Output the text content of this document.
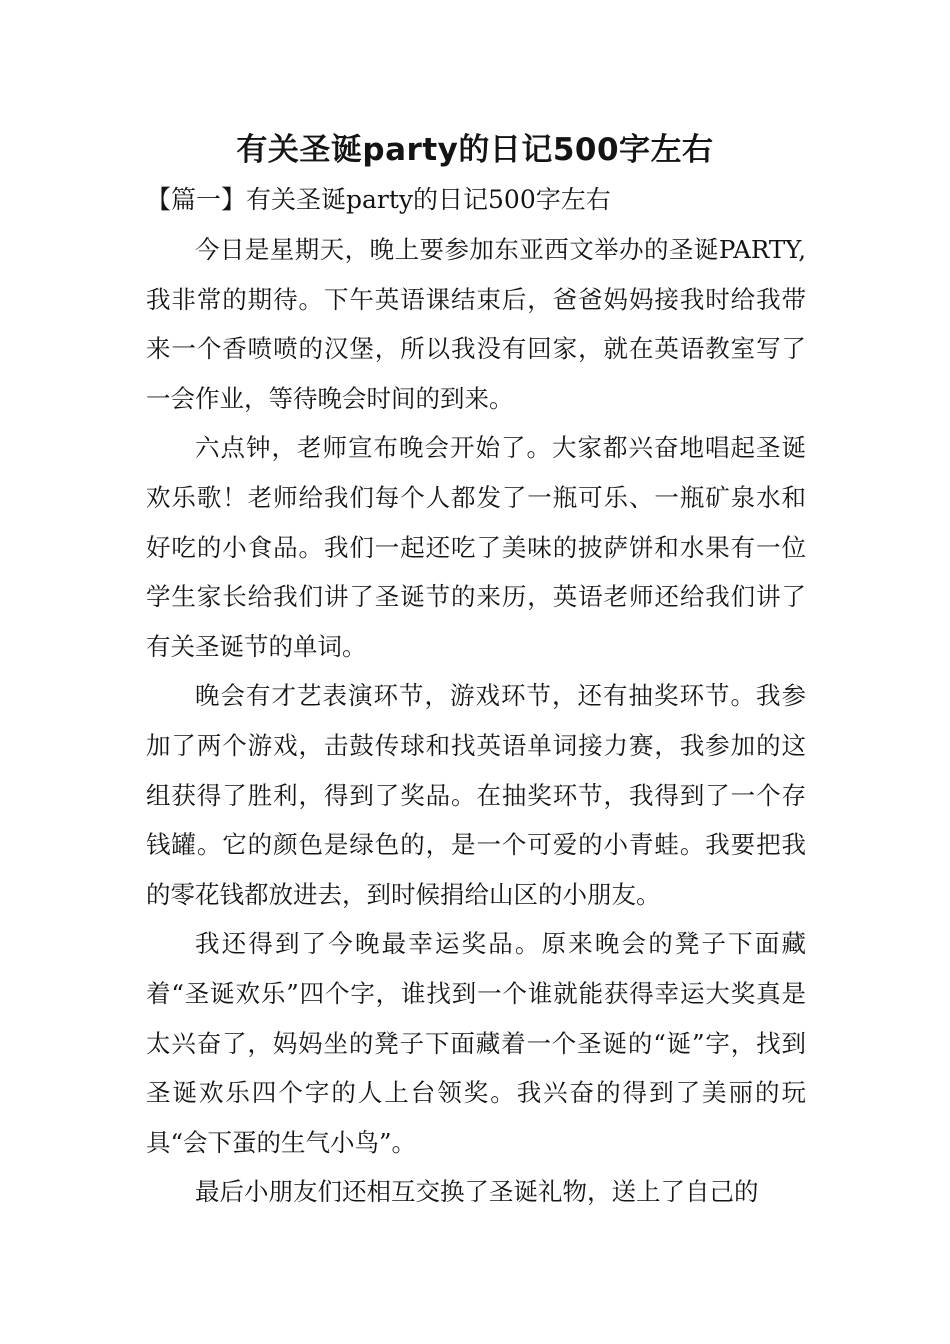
有关圣诞party的日记500字左右
【篇一】有关圣诞party的日记500字左右

今日是星期天，晚上要参加东亚西文举办的圣诞PARTY,我非常的期待。下午英语课结束后，爸爸妈妈接我时给我带来一个香喷喷的汉堡，所以我没有回家，就在英语教室写了一会作业，等待晚会时间的到来。

六点钟，老师宣布晚会开始了。大家都兴奋地唱起圣诞欢乐歌！老师给我们每个人都发了一瓶可乐、一瓶矿泉水和好吃的小食品。我们一起还吃了美味的披萨饼和水果有一位学生家长给我们讲了圣诞节的来历，英语老师还给我们讲了有关圣诞节的单词。

晚会有才艺表演环节，游戏环节，还有抽奖环节。我参加了两个游戏，击鼓传球和找英语单词接力赛，我参加的这组获得了胜利，得到了奖品。在抽奖环节，我得到了一个存钱罐。它的颜色是绿色的，是一个可爱的小青蛙。我要把我的零花钱都放进去，到时候捐给山区的小朋友。

我还得到了今晚最幸运奖品。原来晚会的凳子下面藏着“圣诞欢乐”四个字，谁找到一个谁就能获得幸运大奖真是太兴奋了，妈妈坐的凳子下面藏着一个圣诞的“诞”字，找到圣诞欢乐四个字的人上台领奖。我兴奋的得到了美丽的玩具“会下蛋的生气小鸟”。

最后小朋友们还相互交换了圣诞礼物，送上了自己的
